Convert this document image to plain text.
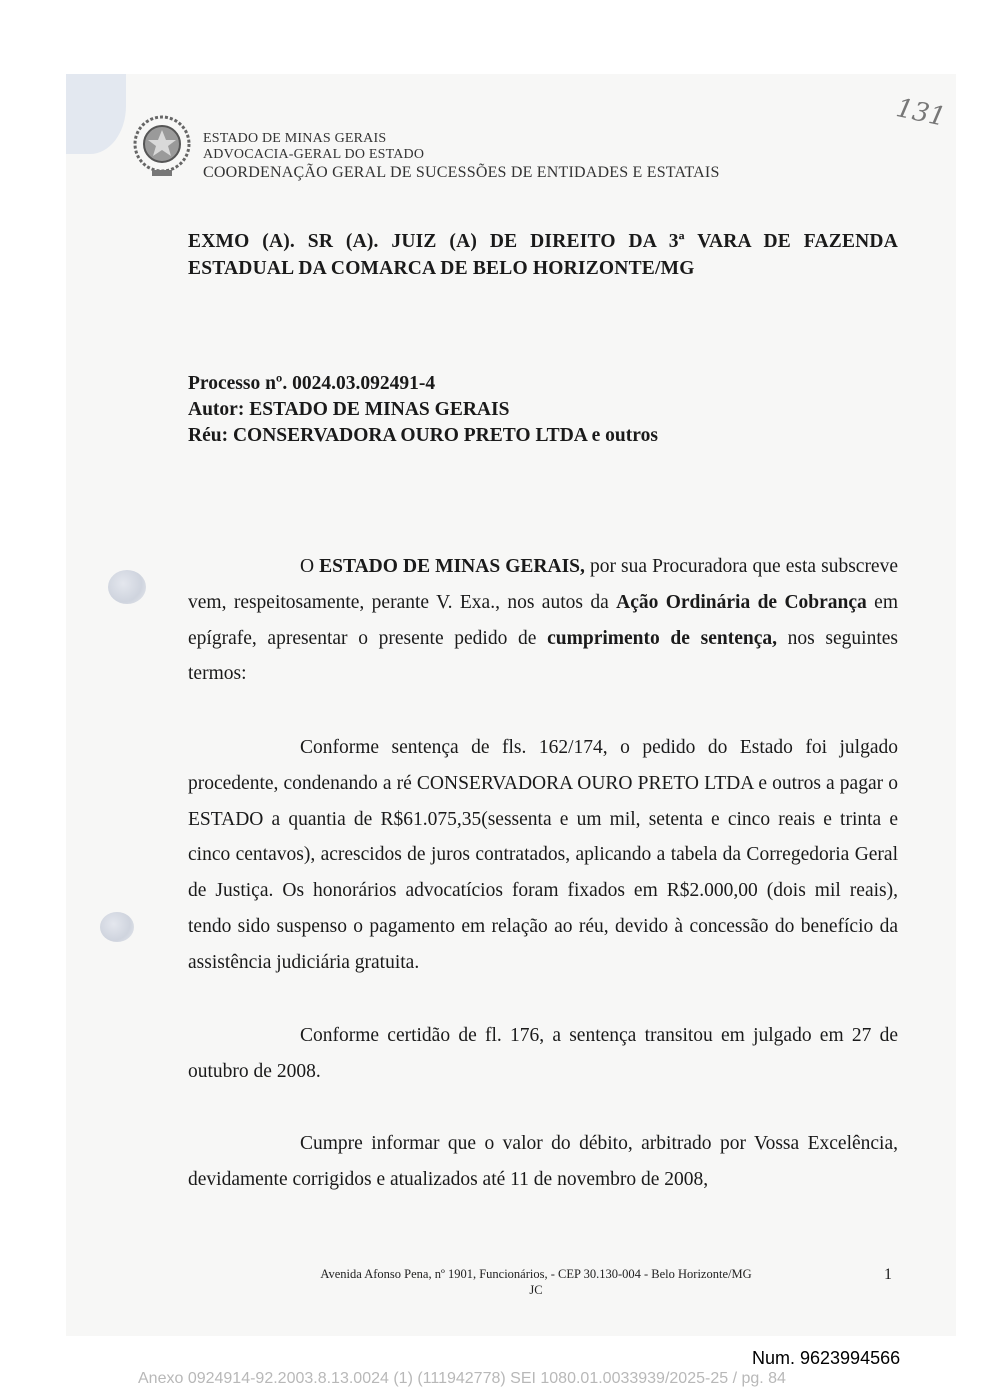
ESTADO DE MINAS GERAIS
ADVOCACIA-GERAL DO ESTADO
COORDENAÇÃO GERAL DE SUCESSÕES DE ENTIDADES E ESTATAIS
131
EXMO (A). SR (A). JUIZ (A) DE DIREITO DA 3ª VARA DE FAZENDA
ESTADUAL DA COMARCA DE BELO HORIZONTE/MG
Processo nº. 0024.03.092491-4
Autor: ESTADO DE MINAS GERAIS
Réu: CONSERVADORA OURO PRETO LTDA e outros
O ESTADO DE MINAS GERAIS, por sua Procuradora que esta subscreve vem, respeitosamente, perante V. Exa., nos autos da Ação Ordinária de Cobrança em epígrafe, apresentar o presente pedido de cumprimento de sentença, nos seguintes termos:
Conforme sentença de fls. 162/174, o pedido do Estado foi julgado procedente, condenando a ré CONSERVADORA OURO PRETO LTDA e outros a pagar o ESTADO a quantia de R$61.075,35(sessenta e um mil, setenta e cinco reais e trinta e cinco centavos), acrescidos de juros contratados, aplicando a tabela da Corregedoria Geral de Justiça. Os honorários advocatícios foram fixados em R$2.000,00 (dois mil reais), tendo sido suspenso o pagamento em relação ao réu, devido à concessão do benefício da assistência judiciária gratuita.
Conforme certidão de fl. 176, a sentença transitou em julgado em 27 de outubro de 2008.
Cumpre informar que o valor do débito, arbitrado por Vossa Excelência, devidamente corrigidos e atualizados até 11 de novembro de 2008,
Avenida Afonso Pena, nº 1901, Funcionários, - CEP 30.130-004 - Belo Horizonte/MG
JC
1
Num. 9623994566
Anexo 0924914-92.2003.8.13.0024 (1) (111942778) SEI 1080.01.0033939/2025-25 / pg. 84
